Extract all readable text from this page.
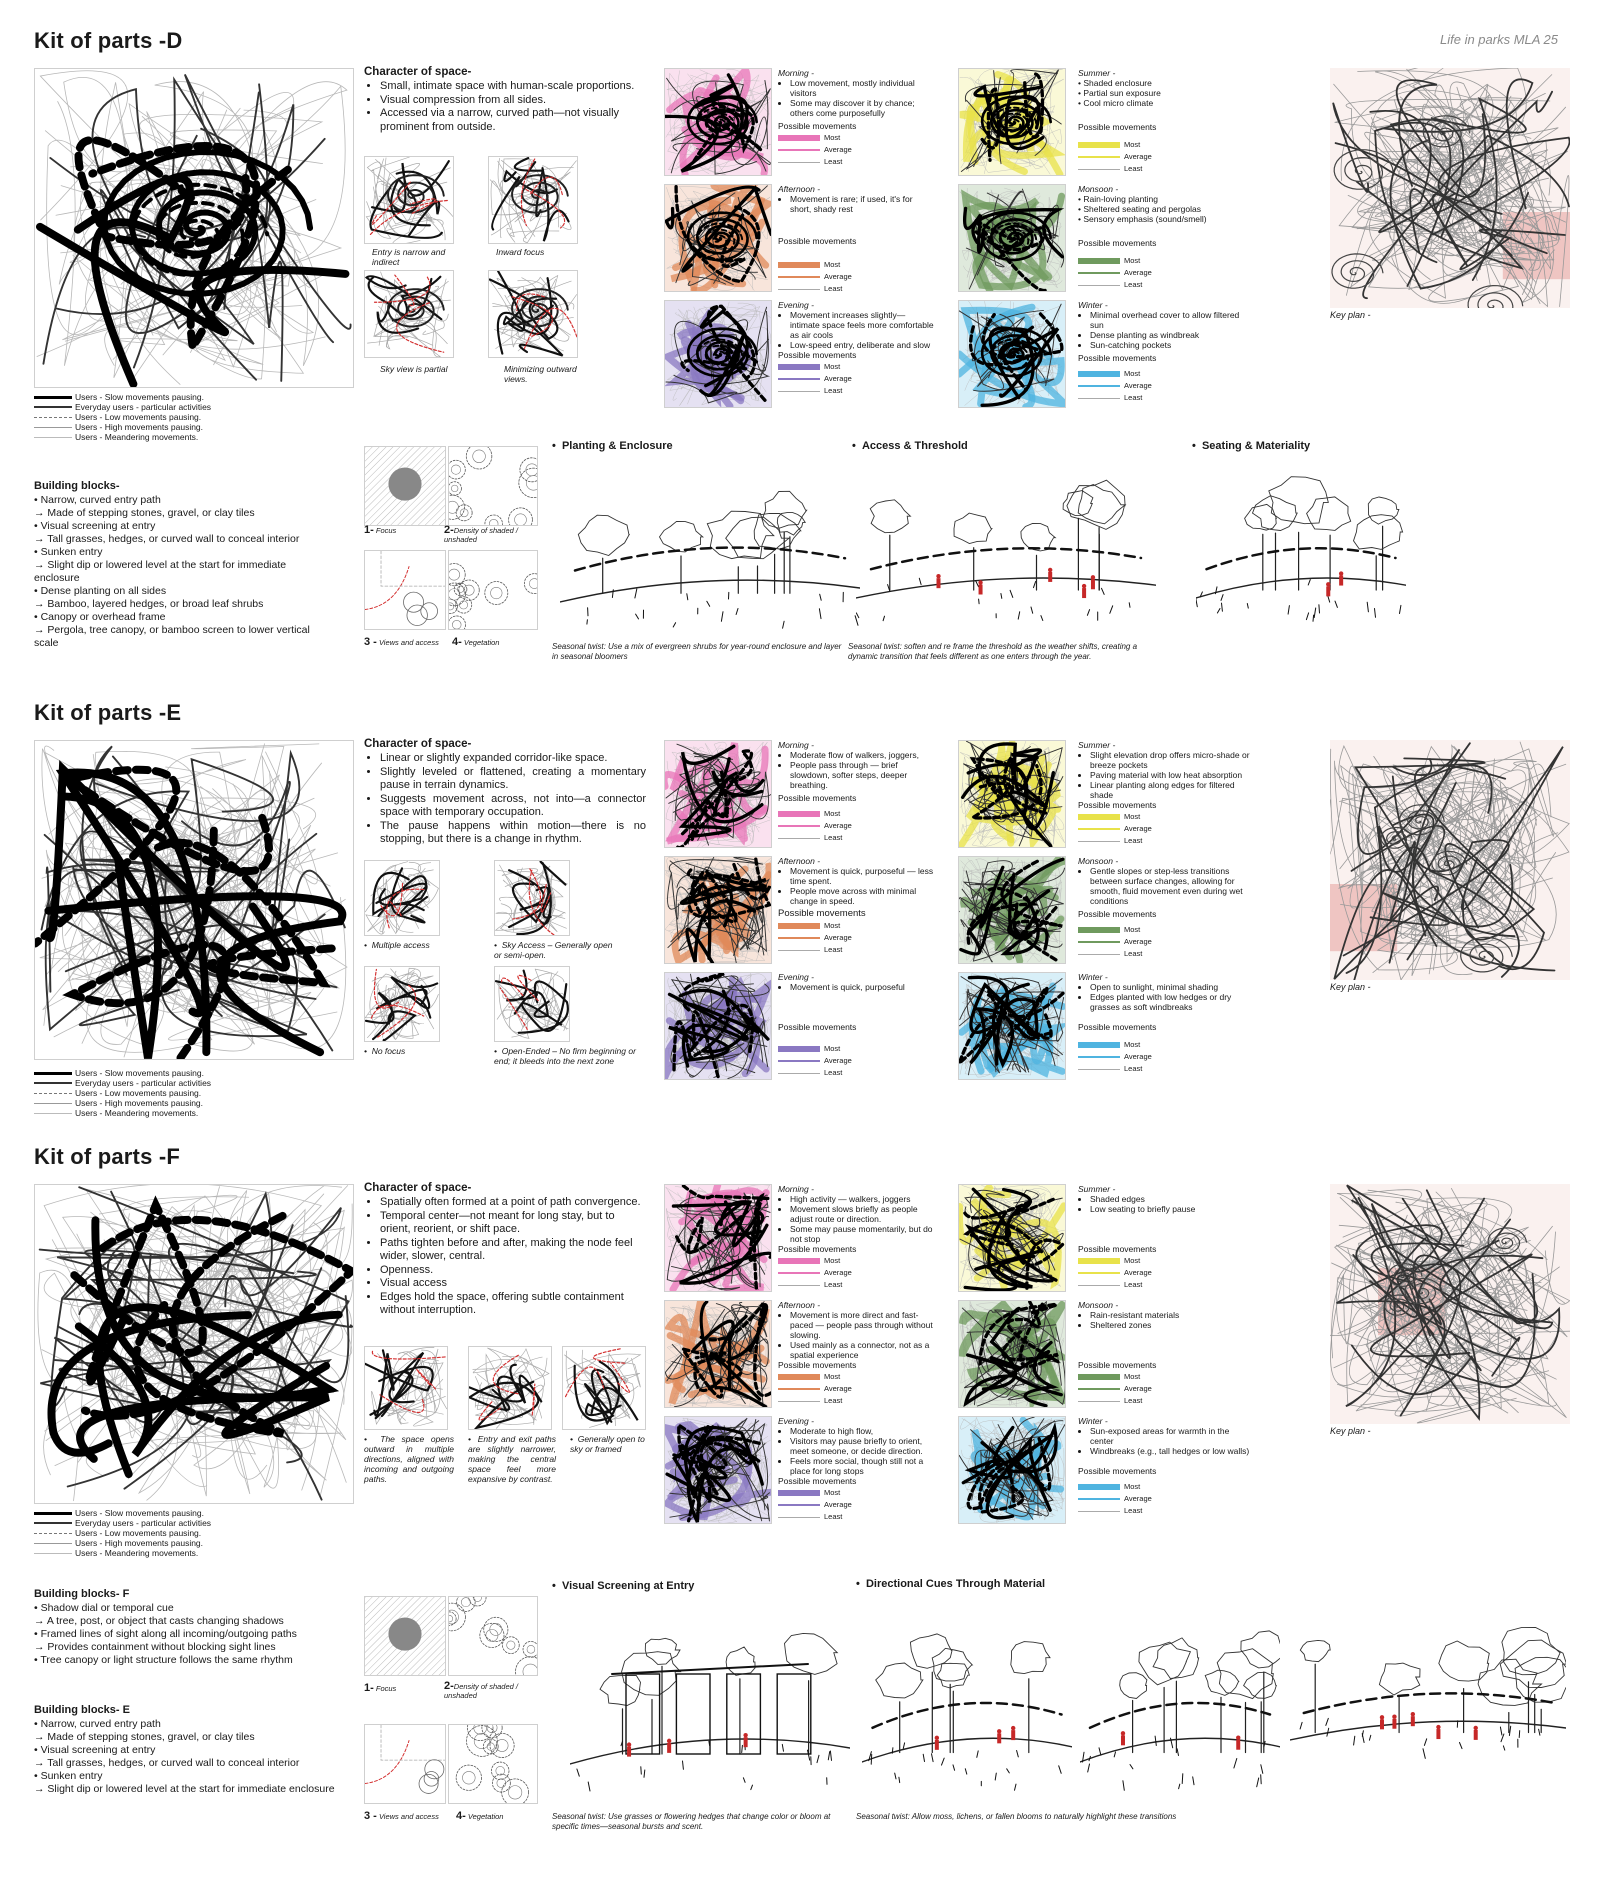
Life in parks MLA 25
Kit of parts -D
Users - Slow movements pausing.
Everyday users - particular activities
Users - Low movements pausing.
Users - High movements pausing.
Users - Meandering movements.
Character of space-
• Small, intimate space with human-scale proportions.
• Visual compression from all sides.
• Accessed via a narrow, curved path—not visually prominent from outside.
Entry is narrow and indirect
Inward focus
Sky view is partial	Minimizing outward views.
Morning -
• Low movement, mostly individual visitors
• Some may discover it by chance; others come purposefully
Possible movements
Most
Average
Least
Afternoon -
• Movement is rare; if used, it's for short, shady rest
Possible movements
Most
Average
Least
Evening -
• Movement increases slightly—intimate space feels more comfortable as air cools
• Low-speed entry, deliberate and slow
Possible movements
Most
Average
Least
Summer -
• Shaded enclosure
• Partial sun exposure
• Cool micro climate
Possible movements
Most
Average
Least
Monsoon -
• Rain-loving planting
• Sheltered seating and pergolas
• Sensory emphasis (sound/smell)
Possible movements
Most
Average
Least
Winter -
• Minimal overhead cover to allow filtered sun
• Dense planting as windbreak
• Sun-catching pockets
Possible movements
Most
Average
Least
Key plan -
Building blocks-

• Narrow, curved entry path

→ Made of stepping stones, gravel, or clay tiles

• Visual screening at entry

→ Tall grasses, hedges, or curved wall to conceal interior

• Sunken entry

→ Slight dip or lowered level at the start for immediate enclosure

• Dense planting on all sides

→ Bamboo, layered hedges, or broad leaf shrubs

• Canopy or overhead frame

→ Pergola, tree canopy, or bamboo screen to lower vertical scale

1- Focus	2-Density of shaded / unshaded
3 - Views and access 4- Vegetation
•  Planting & Enclosure	•  Access & Threshold	•  Seating & Materiality
Seasonal twist: Use a mix of evergreen shrubs for year-round enclosure and layer in seasonal bloomers
Seasonal twist: soften and re frame the threshold as the weather shifts, creating a dynamic transition that feels different as one enters through the year.
Kit of parts -E
Users - Slow movements pausing.
Everyday users - particular activities
Users - Low movements pausing.
Users - High movements pausing.
Users - Meandering movements.
Character of space-
• Linear or slightly expanded corridor-like space.
• Slightly leveled or flattened, creating a momentary pause in terrain dynamics.
• Suggests movement across, not into—a connector space with temporary occupation.
• The pause happens within motion—there is no stopping, but there is a change in rhythm.
•  Multiple access	•  Sky Access – Generally open or semi-open.
•  No focus	•  Open-Ended – No firm beginning or end; it bleeds into the next zone
Morning -
• Moderate flow of walkers, joggers,
• People pass through — brief slowdown, softer steps, deeper breathing.
Possible movements
Most
Average
Least
Afternoon -
• Movement is quick, purposeful — less time spent.
• People move across with minimal change in speed.
Possible movements
Most
Average
Least
Evening -
• Movement is quick, purposeful
Possible movements
Most
Average
Least
Summer -
• Slight elevation drop offers micro-shade or breeze pockets
• Paving material with low heat absorption
• Linear planting along edges for filtered shade
Possible movements
Most
Average
Least
Monsoon -
• Gentle slopes or step-less transitions between surface changes, allowing for smooth, fluid movement even during wet conditions
Possible movements
Most
Average
Least
Winter -
• Open to sunlight, minimal shading
• Edges planted with low hedges or dry grasses as soft windbreaks
Possible movements
Most
Average
Least
Key plan -
Kit of parts -F
Users - Slow movements pausing.
Everyday users - particular activities
Users - Low movements pausing.
Users - High movements pausing.
Users - Meandering movements.
Character of space-
• Spatially often formed at a point of path convergence.
• Temporal center—not meant for long stay, but to orient, reorient, or shift pace.
• Paths tighten before and after, making the node feel wider, slower, central.
• Openness.
• Visual access
• Edges hold the space, offering subtle containment without interruption.
•  The space opens outward in multiple directions, aligned with incoming and outgoing paths.
•  Entry and exit paths are slightly narrower, making the central space feel more expansive by contrast.
•  Generally open to sky or framed
Morning -
• High activity — walkers, joggers
• Movement slows briefly as people adjust route or direction.
• Some may pause momentarily, but do not stop
Possible movements
Most
Average
Least
Afternoon -
• Movement is more direct and fast-paced — people pass through without slowing.
• Used mainly as a connector, not as a spatial experience
Possible movements
Most
Average
Least
Evening -
• Moderate to high flow,
• Visitors may pause briefly to orient, meet someone, or decide direction.
• Feels more social, though still not a place for long stops
Possible movements
Most
Average
Least
Summer -
• Shaded edges
• Low seating to briefly pause
Possible movements
Most
Average
Least
Monsoon -
• Rain-resistant materials
• Sheltered zones
Possible movements
Most
Average
Least
Winter -
• Sun-exposed areas for warmth in the center
• Windbreaks (e.g., tall hedges or low walls)
Possible movements
Most
Average
Least
Key plan -
Building blocks- F

• Shadow dial or temporal cue

→ A tree, post, or object that casts changing shadows

• Framed lines of sight along all incoming/outgoing paths

→ Provides containment without blocking sight lines

• Tree canopy or light structure follows the same rhythm

Building blocks- E

• Narrow, curved entry path

→ Made of stepping stones, gravel, or clay tiles

• Visual screening at entry

→ Tall grasses, hedges, or curved wall to conceal interior

• Sunken entry

→ Slight dip or lowered level at the start for immediate enclosure

1- Focus	2-Density of shaded / unshaded
3 - Views and access 4- Vegetation
•  Visual Screening at Entry	•  Directional Cues Through Material
Seasonal twist: Use grasses or flowering hedges that change color or bloom at specific times—seasonal bursts and scent.
Seasonal twist: Allow moss, lichens, or fallen blooms to naturally highlight these transitions
